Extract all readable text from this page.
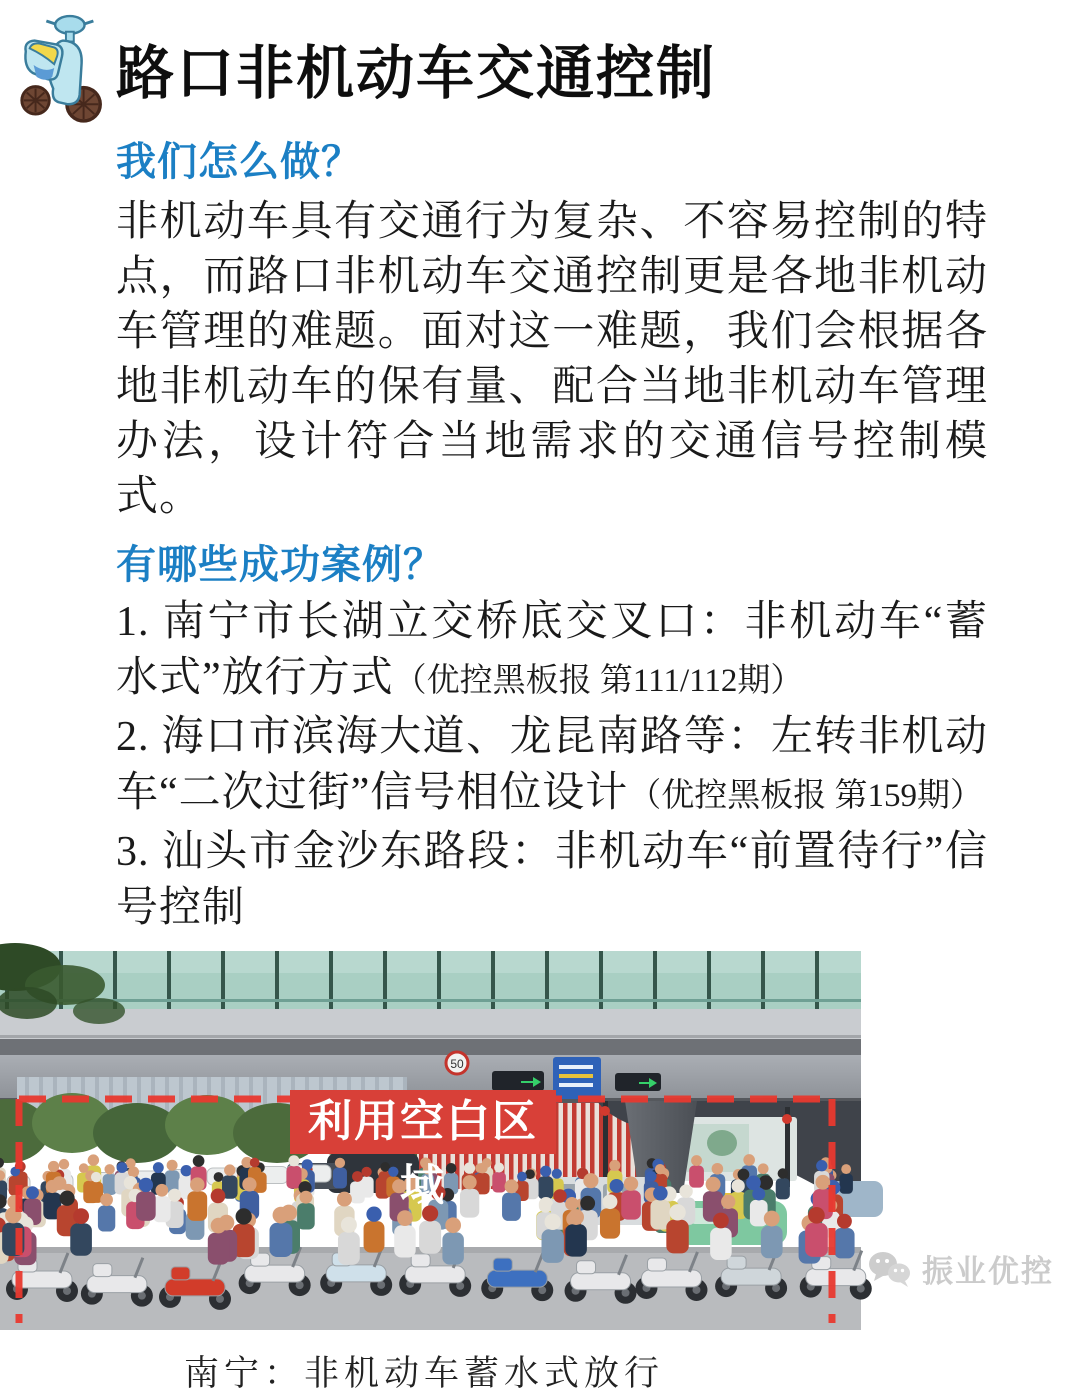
路口非机动车交通控制
我们怎么做？

非机动车具有交通行为复杂、不容易控制的特点，而路口非机动车交通控制更是各地非机动车管理的难题。面对这一难题，我们会根据各地非机动车的保有量、配合当地非机动车管理办法，设计符合当地需求的交通信号控制模式。

有哪些成功案例？
1. 南宁市长湖立交桥底交叉口：非机动车“蓄水式”放行方式（优控黑板报 第111/112期）
2. 海口市滨海大道、龙昆南路等：左转非机动车“二次过街”信号相位设计（优控黑板报 第159期）
3. 汕头市金沙东路段：非机动车“前置待行”信号控制
50
利用空白区域
南宁：非机动车蓄水式放行
振业优控
